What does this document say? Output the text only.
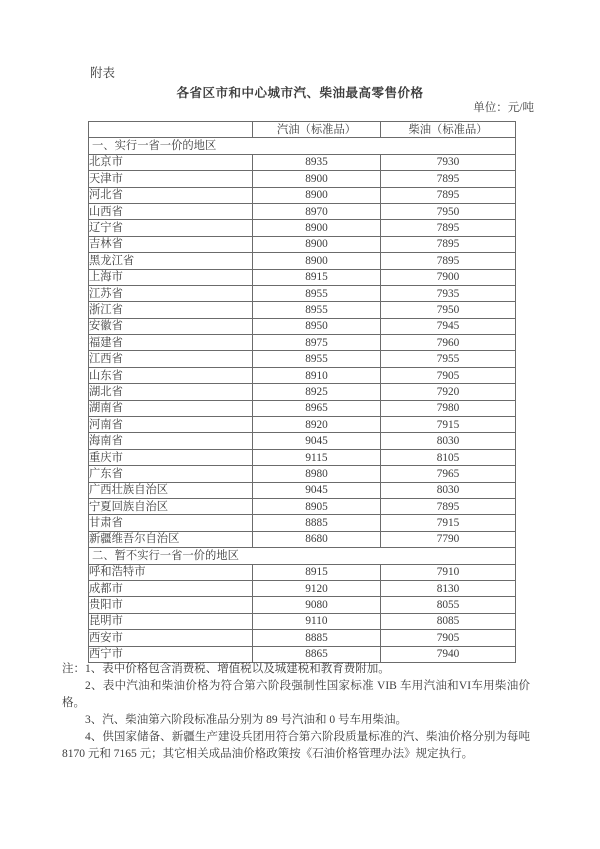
附表
各省区市和中心城市汽、柴油最高零售价格
单位：元/吨
	汽油（标准品）	柴油（标准品）
一、实行一省一价的地区		
北京市	8935	7930
天津市	8900	7895
河北省	8900	7895
山西省	8970	7950
辽宁省	8900	7895
吉林省	8900	7895
黑龙江省	8900	7895
上海市	8915	7900
江苏省	8955	7935
浙江省	8955	7950
安徽省	8950	7945
福建省	8975	7960
江西省	8955	7955
山东省	8910	7905
湖北省	8925	7920
湖南省	8965	7980
河南省	8920	7915
海南省	9045	8030
重庆市	9115	8105
广东省	8980	7965
广西壮族自治区	9045	8030
宁夏回族自治区	8905	7895
甘肃省	8885	7915
新疆维吾尔自治区	8680	7790
二、暂不实行一省一价的地区		
呼和浩特市	8915	7910
成都市	9120	8130
贵阳市	9080	8055
昆明市	9110	8085
西安市	8885	7905
西宁市	8865	7940

注：1、表中价格包含消费税、增值税以及城建税和教育费附加。

2、表中汽油和柴油价格为符合第六阶段强制性国家标准 VIB 车用汽油和VI车用柴油价格。

3、汽、柴油第六阶段标准品分别为 89 号汽油和 0 号车用柴油。

4、供国家储备、新疆生产建设兵团用符合第六阶段质量标准的汽、柴油价格分别为每吨 8170 元和 7165 元；其它相关成品油价格政策按《石油价格管理办法》规定执行。
